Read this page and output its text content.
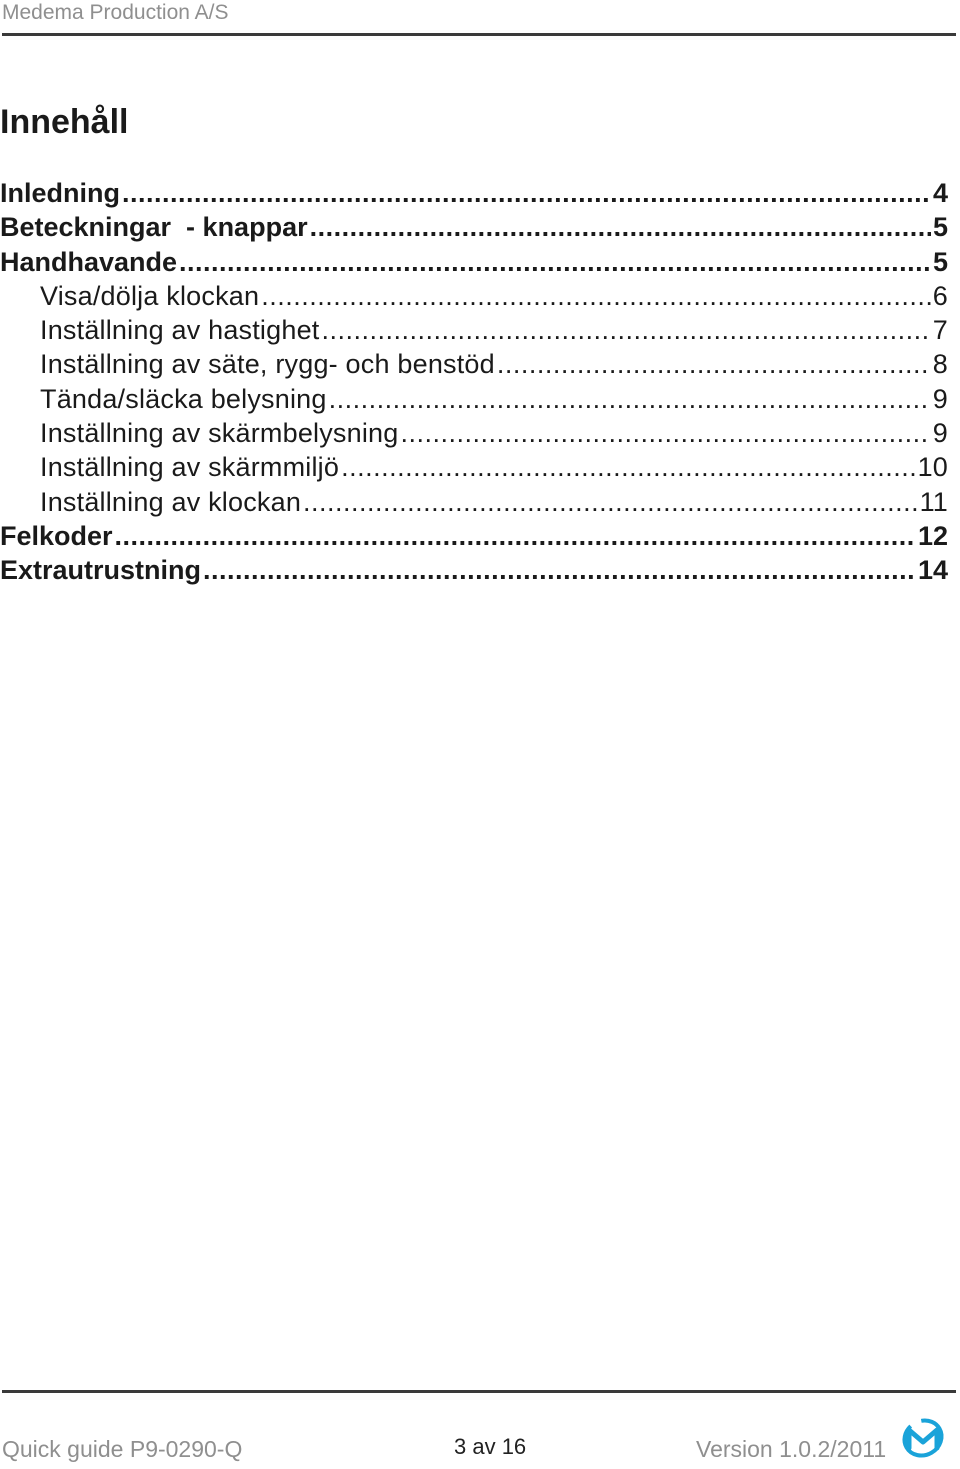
Medema Production A/S
Innehåll
Inledning .....	4
Beteckningar  - knappar .....	5
Handhavande .....	5
Visa/dölja klockan .....	6
Inställning av hastighet .....	7
Inställning av säte, rygg- och benstöd .....	8
Tända/släcka belysning .....	9
Inställning av skärmbelysning .....	9
Inställning av skärmmiljö .....	10
Inställning av klockan .....	11
Felkoder .....	12
Extrautrustning .....	14
Quick guide P9-0290-Q	3 av 16	Version 1.0.2/2011
